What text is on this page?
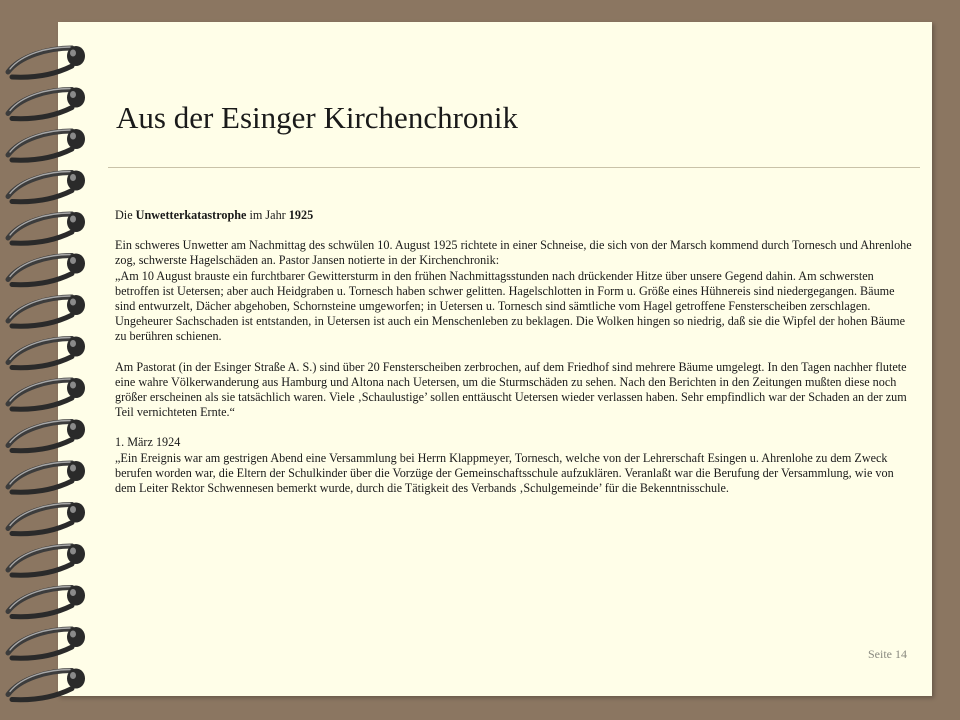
Aus der Esinger Kirchenchronik

Die Unwetterkatastrophe im Jahr 1925

Ein schweres Unwetter am Nachmittag des schwülen 10. August 1925 richtete in einer Schneise, die sich von der Marsch kommend durch Tornesch und Ahrenlohe zog, schwerste Hagelschäden an. Pastor Jansen notierte in der Kirchenchronik:

„Am 10 August brauste ein furchtbarer Gewittersturm in den frühen Nachmittagsstunden nach drückender Hitze über unsere Gegend dahin. Am schwersten betroffen ist Uetersen; aber auch Heidgraben u. Tornesch haben schwer gelitten. Hagelschlotten in Form u. Größe eines Hühnereis sind niedergegangen. Bäume sind entwurzelt, Dächer abgehoben, Schornsteine umgeworfen; in Uetersen u. Tornesch sind sämtliche vom Hagel getroffene Fensterscheiben zerschlagen. Ungeheurer Sachschaden ist entstanden, in Uetersen ist auch ein Menschenleben zu beklagen. Die Wolken hingen so niedrig, daß sie die Wipfel der hohen Bäume zu berühren schienen.

Am Pastorat (in der Esinger Straße A. S.) sind über 20 Fensterscheiben zerbrochen, auf dem Friedhof sind mehrere Bäume umgelegt. In den Tagen nachher flutete eine wahre Völkerwanderung aus Hamburg und Altona nach Uetersen, um die Sturmschäden zu sehen. Nach den Berichten in den Zeitungen mußten diese noch größer erscheinen als sie tatsächlich waren. Viele ‚Schaulustige’ sollen enttäuscht Uetersen wieder verlassen haben. Sehr empfindlich war der Schaden an der zum Teil vernichteten Ernte.“

1. März 1924

„Ein Ereignis war am gestrigen Abend eine Versammlung bei Herrn Klappmeyer, Tornesch, welche von der Lehrerschaft Esingen u. Ahrenlohe zu dem Zweck berufen worden war, die Eltern der Schulkinder über die Vorzüge der Gemeinschaftsschule aufzuklären. Veranlaßt war die Berufung der Versammlung, wie von dem Leiter Rektor Schwennesen bemerkt wurde, durch die Tätigkeit des Verbands ‚Schulgemeinde’ für die Bekenntnisschule.

Seite 14
